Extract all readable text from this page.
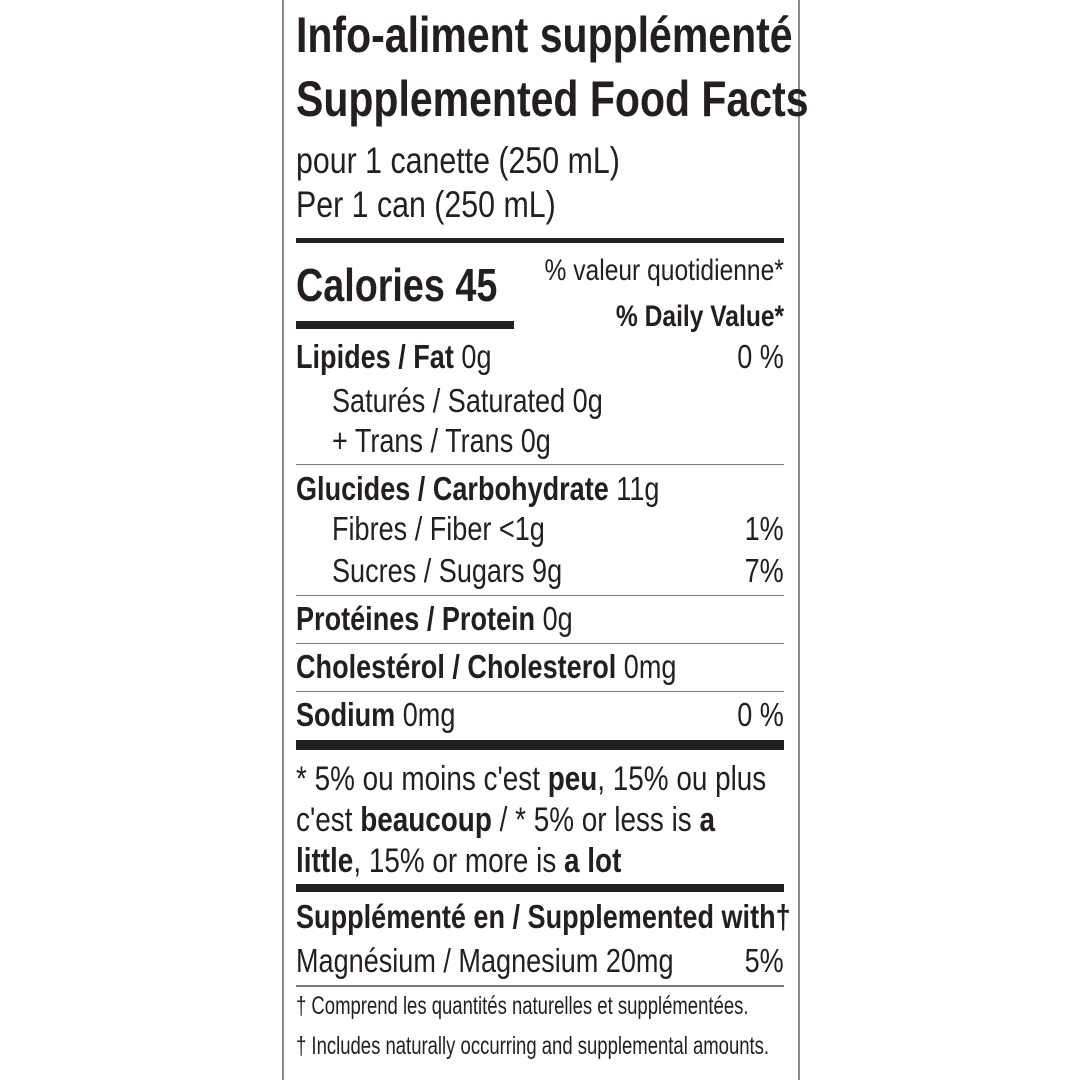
Info-aliment supplémenté
Supplemented Food Facts
pour 1 canette (250 mL)
Per 1 can (250 mL)
Calories 45 % valeur quotidienne*
% Daily Value*
Lipides / Fat 0g	0 %
Saturés / Saturated 0g
+ Trans / Trans 0g
Glucides / Carbohydrate 11g
Fibres / Fiber <1g	1%
Sucres / Sugars 9g	7%
Protéines / Protein 0g
Cholestérol / Cholesterol 0mg
Sodium 0mg	0 %
* 5% ou moins c'est peu, 15% ou plus
c'est beaucoup / * 5% or less is a
little, 15% or more is a lot
Supplémenté en / Supplemented with†
Magnésium / Magnesium 20mg 5%
† Comprend les quantités naturelles et supplémentées.
† Includes naturally occurring and supplemental amounts.
